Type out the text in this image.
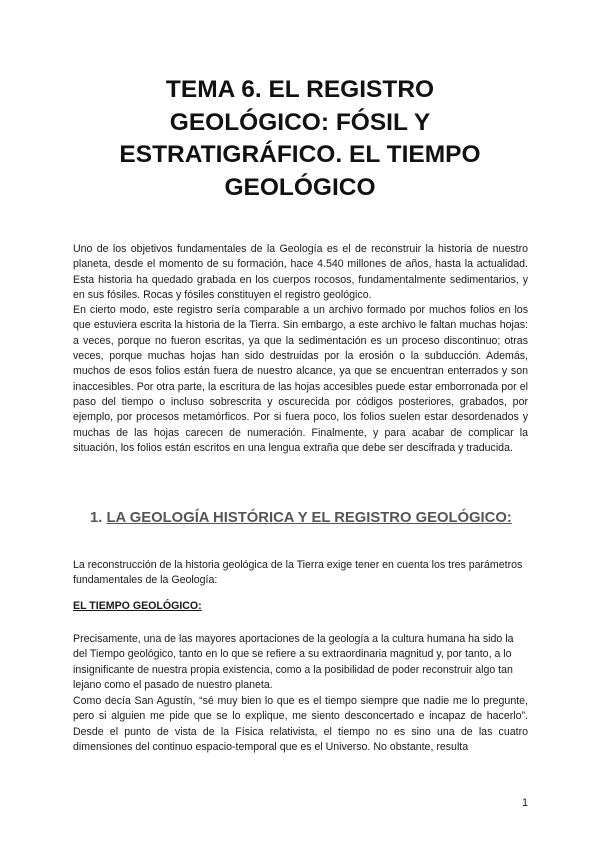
TEMA 6. EL REGISTRO
GEOLÓGICO: FÓSIL Y
ESTRATIGRÁFICO. EL TIEMPO
GEOLÓGICO

Uno de los objetivos fundamentales de la Geología es el de reconstruir la historia de nuestro planeta, desde el momento de su formación, hace 4.540 millones de años, hasta la actualidad. Esta historia ha quedado grabada en los cuerpos rocosos, fundamentalmente sedimentarios, y en sus fósiles. Rocas y fósiles constituyen el registro geológico.

En cierto modo, este registro sería comparable a un archivo formado por muchos folios en los que estuviera escrita la historia de la Tierra. Sin embargo, a este archivo le faltan muchas hojas: a veces, porque no fueron escritas, ya que la sedimentación es un proceso discontinuo; otras veces, porque muchas hojas han sido destruidas por la erosión o la subducción. Además, muchos de esos folios están fuera de nuestro alcance, ya que se encuentran enterrados y son inaccesibles. Por otra parte, la escritura de las hojas accesibles puede estar emborronada por el paso del tiempo o incluso sobrescrita y oscurecida por códigos posteriores, grabados, por ejemplo, por procesos metamórficos. Por si fuera poco, los folios suelen estar desordenados y muchas de las hojas carecen de numeración. Finalmente, y para acabar de complicar la situación, los folios están escritos en una lengua extraña que debe ser descifrada y traducida.

1. LA GEOLOGÍA HISTÓRICA Y EL REGISTRO GEOLÓGICO:

La reconstrucción de la historia geológica de la Tierra exige tener en cuenta los tres parámetros fundamentales de la Geología:

EL TIEMPO GEOLÓGICO:

Precisamente, una de las mayores aportaciones de la geología a la cultura humana ha sido la del Tiempo geológico, tanto en lo que se refiere a su extraordinaria magnitud y, por tanto, a lo insignificante de nuestra propia existencia, como a la posibilidad de poder reconstruir algo tan lejano como el pasado de nuestro planeta.

Como decía San Agustín, “sé muy bien lo que es el tiempo siempre que nadie me lo pregunte, pero si alguien me pide que se lo explique, me siento desconcertado e incapaz de hacerlo”. Desde el punto de vista de la Física relativista, el tiempo no es sino una de las cuatro dimensiones del continuo espacio-temporal que es el Universo. No obstante, resulta

1
